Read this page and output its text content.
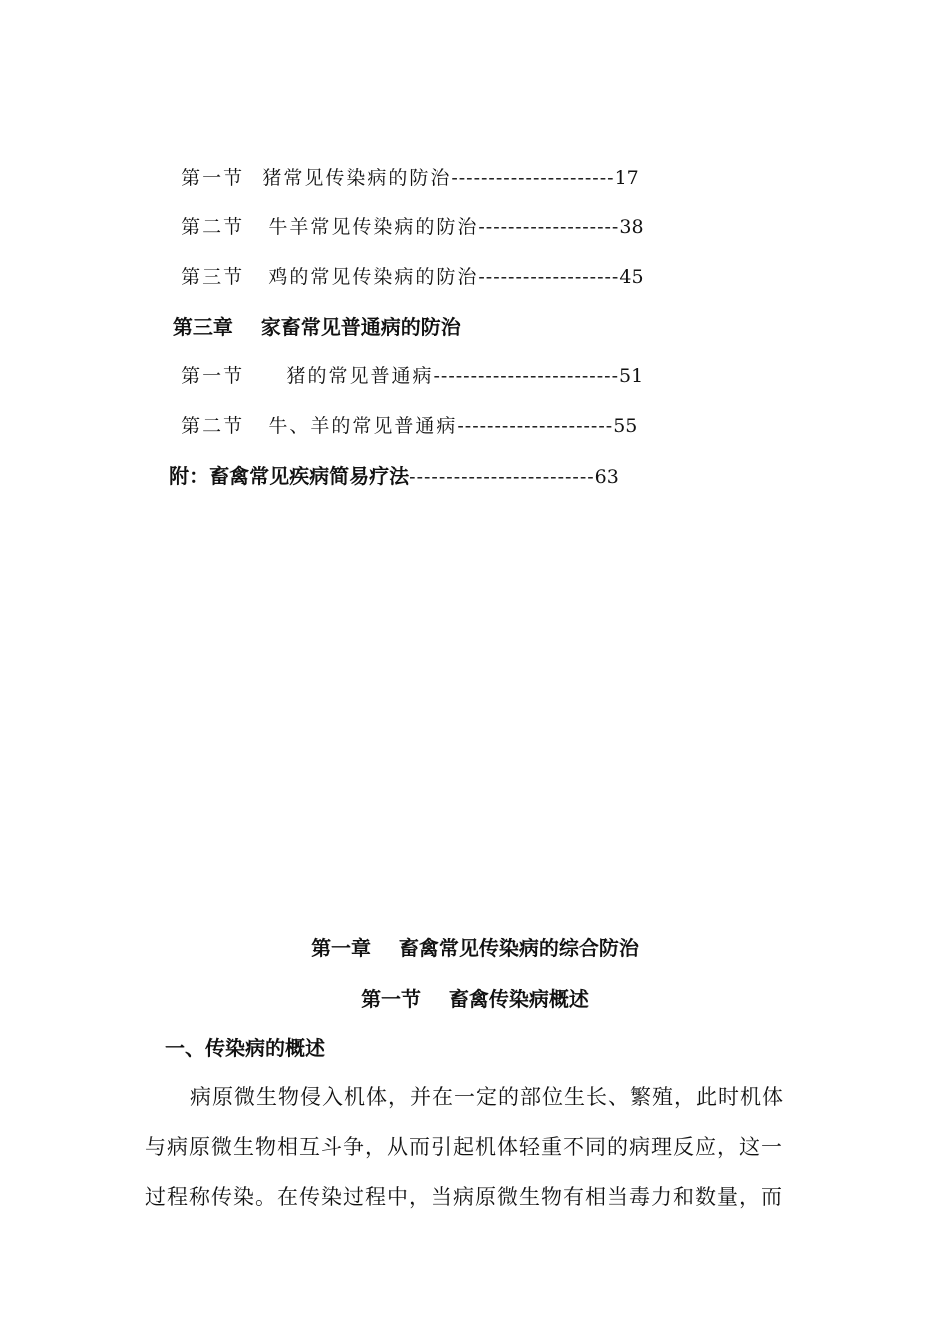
第一节 猪常见传染病的防治----------------------17

第二节 牛羊常见传染病的防治-------------------38

第三节 鸡的常见传染病的防治-------------------45

第三章 家畜常见普通病的防治

第一节 猪的常见普通病-------------------------51

第二节 牛、羊的常见普通病---------------------55

附：畜禽常见疾病简易疗法-------------------------63

第一章    畜禽常见传染病的综合防治
第一节    畜禽传染病概述
一、传染病的概述
病原微生物侵入机体，并在一定的部位生长、繁殖，此时机体
与病原微生物相互斗争，从而引起机体轻重不同的病理反应，这一
过程称传染。在传染过程中，当病原微生物有相当毒力和数量，而
